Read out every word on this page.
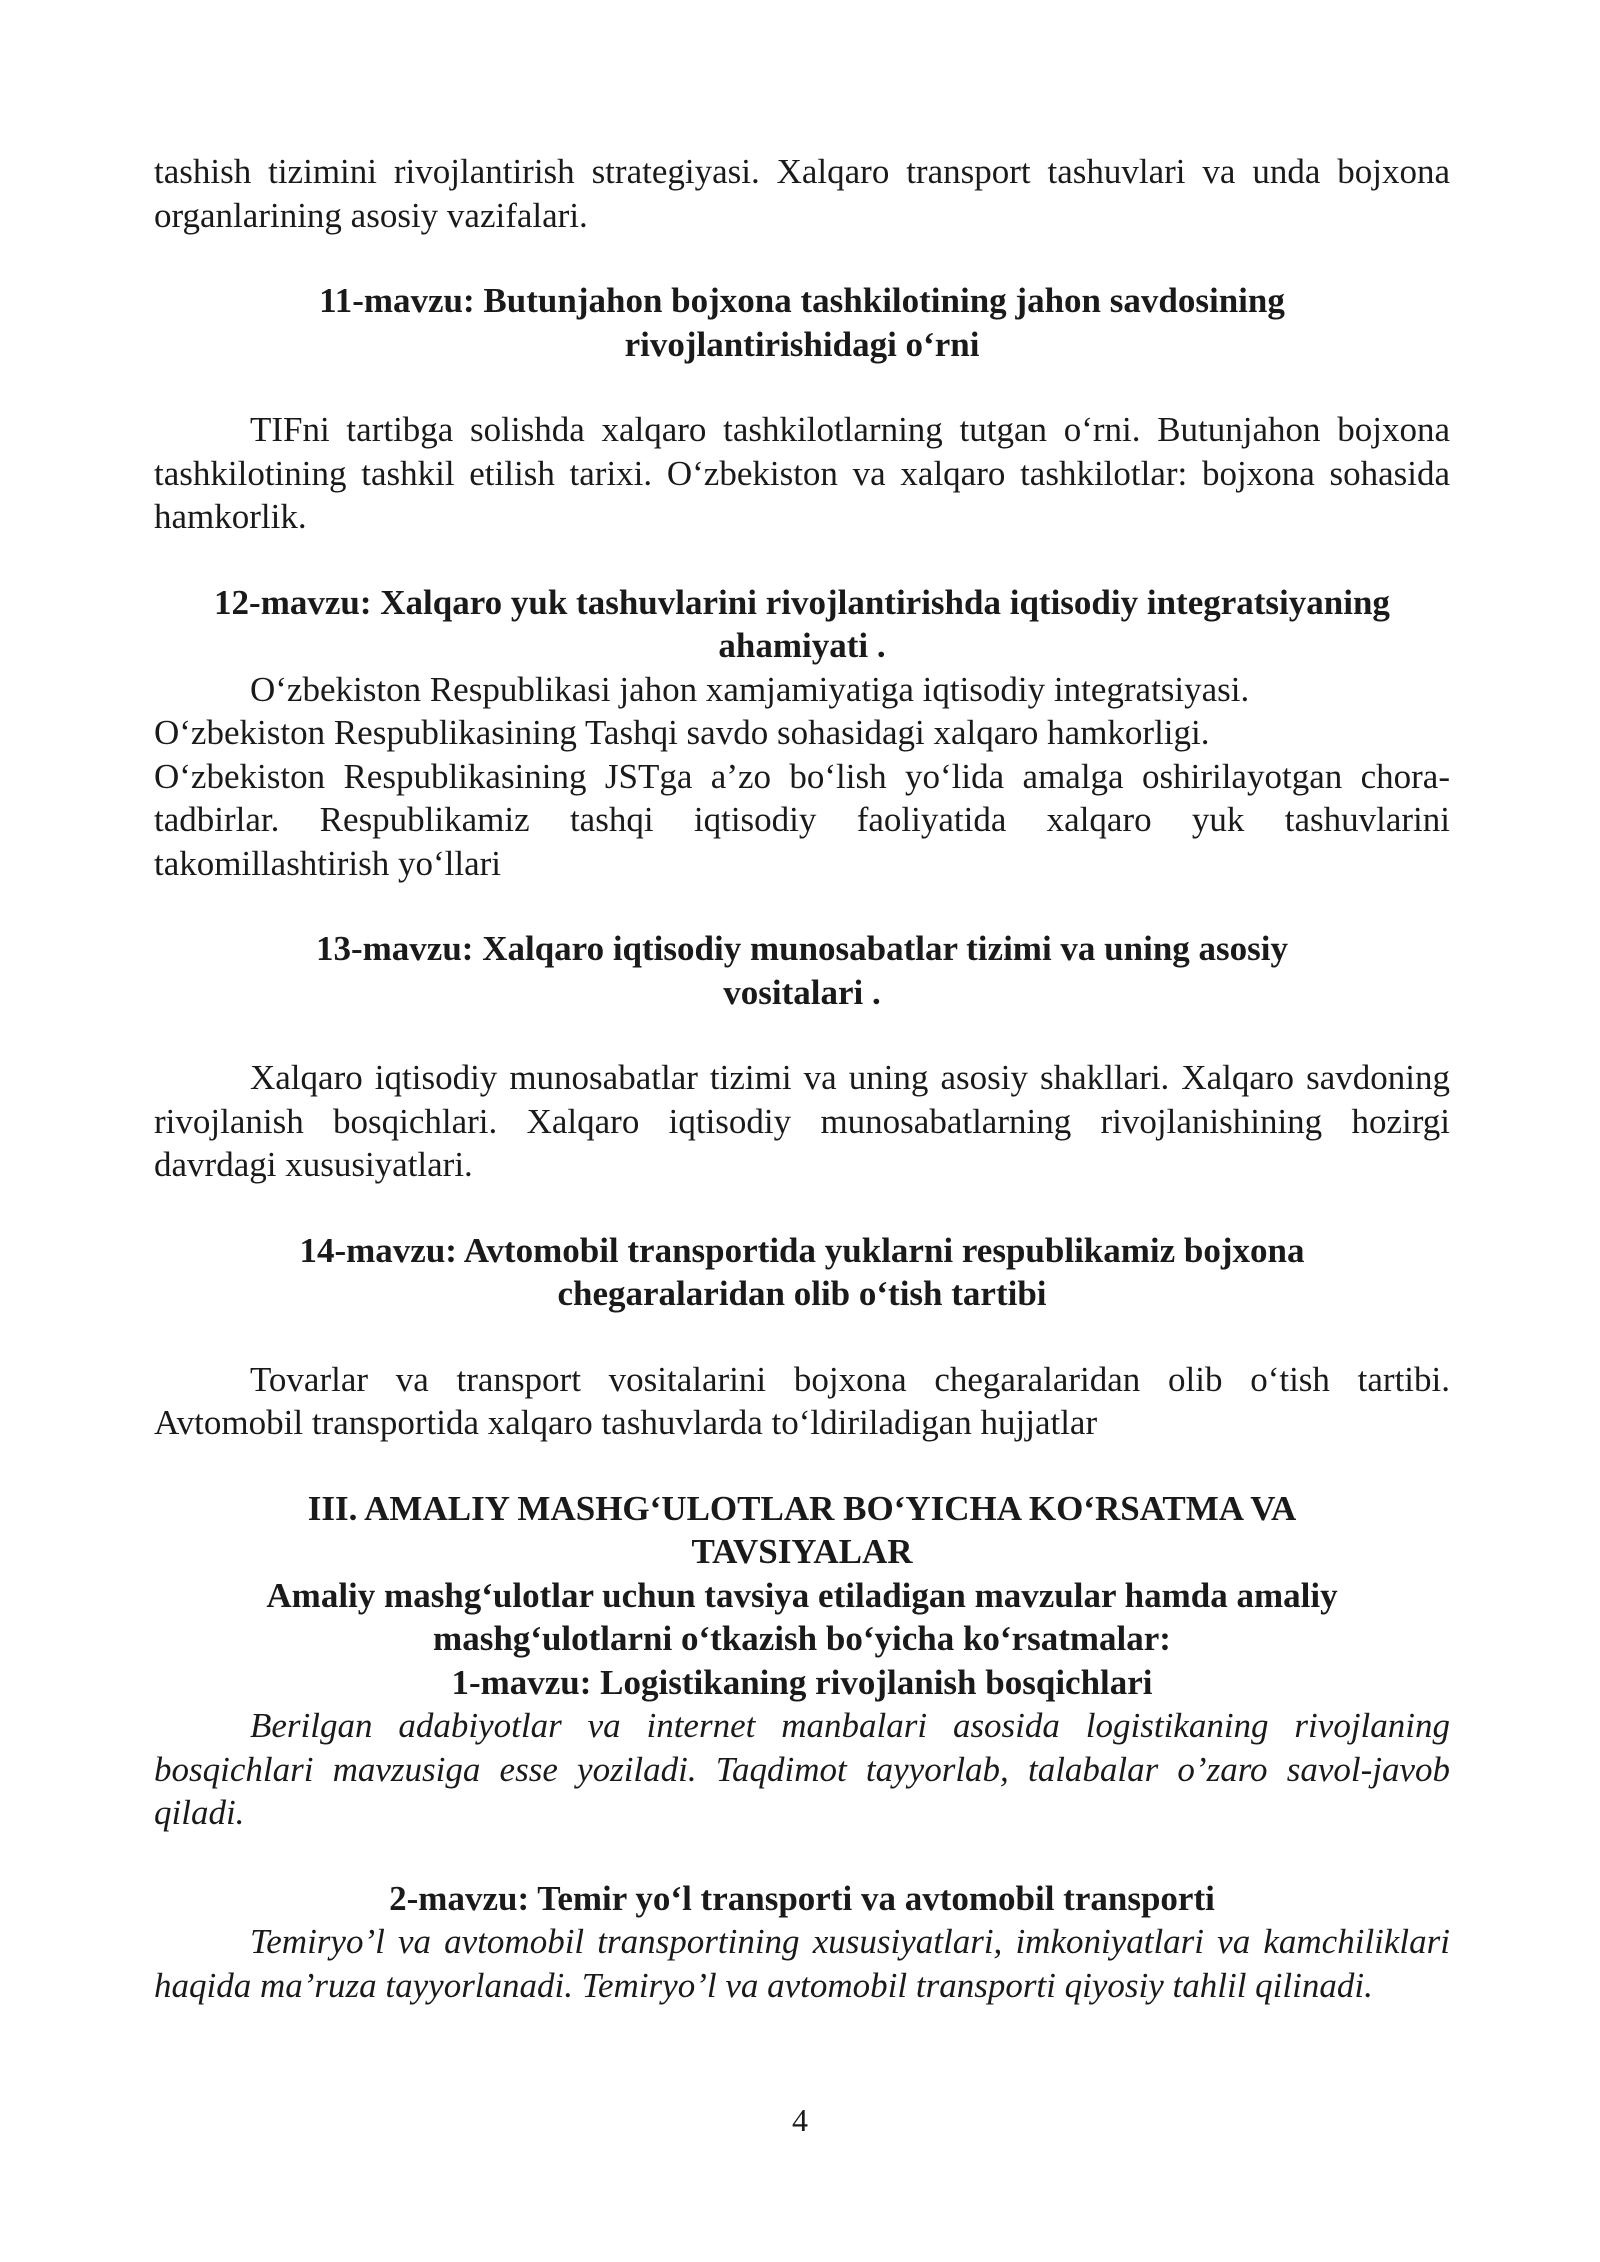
tashish tizimini rivojlantirish strategiyasi. Xalqaro transport tashuvlari va unda bojxona organlarining asosiy vazifalari.

11-mavzu: Butunjahon bojxona tashkilotining jahon savdosining
rivojlantirishidagi o‘rni

TIFni tartibga solishda xalqaro tashkilotlarning tutgan o‘rni. Butunjahon bojxona tashkilotining tashkil etilish tarixi. O‘zbekiston va xalqaro tashkilotlar: bojxona sohasida hamkorlik.

12-mavzu: Xalqaro yuk tashuvlarini rivojlantirishda iqtisodiy integratsiyaning
ahamiyati .

O‘zbekiston Respublikasi jahon xamjamiyatiga iqtisodiy integratsiyasi.

O‘zbekiston Respublikasining Tashqi savdo sohasidagi xalqaro hamkorligi.

O‘zbekiston Respublikasining JSTga a’zo bo‘lish yo‘lida amalga oshirilayotgan chora-tadbirlar. Respublikamiz tashqi iqtisodiy faoliyatida xalqaro yuk tashuvlarini takomillashtirish yo‘llari

13-mavzu: Xalqaro iqtisodiy munosabatlar tizimi va uning asosiy
vositalari .

Xalqaro iqtisodiy munosabatlar tizimi va uning asosiy shakllari. Xalqaro savdoning rivojlanish bosqichlari. Xalqaro iqtisodiy munosabatlarning rivojlanishining hozirgi davrdagi xususiyatlari.

14-mavzu: Avtomobil transportida yuklarni respublikamiz bojxona
chegaralaridan olib o‘tish tartibi

Tovarlar va transport vositalarini bojxona chegaralaridan olib o‘tish tartibi. Avtomobil transportida xalqaro tashuvlarda to‘ldiriladigan hujjatlar

III. AMALIY MASHG‘ULOTLAR BO‘YICHA KO‘RSATMA VA
TAVSIYALAR
Amaliy mashg‘ulotlar uchun tavsiya etiladigan mavzular hamda amaliy
mashg‘ulotlarni o‘tkazish bo‘yicha ko‘rsatmalar:
1-mavzu: Logistikaning rivojlanish bosqichlari

Berilgan adabiyotlar va internet manbalari asosida logistikaning rivojlaning bosqichlari mavzusiga esse yoziladi. Taqdimot tayyorlab, talabalar o’zaro savol-javob qiladi.

2-mavzu: Temir yo‘l transporti va avtomobil transporti

Temiryo’l va avtomobil transportining xususiyatlari, imkoniyatlari va kamchiliklari haqida ma’ruza tayyorlanadi. Temiryo’l va avtomobil transporti qiyosiy tahlil qilinadi.

4
